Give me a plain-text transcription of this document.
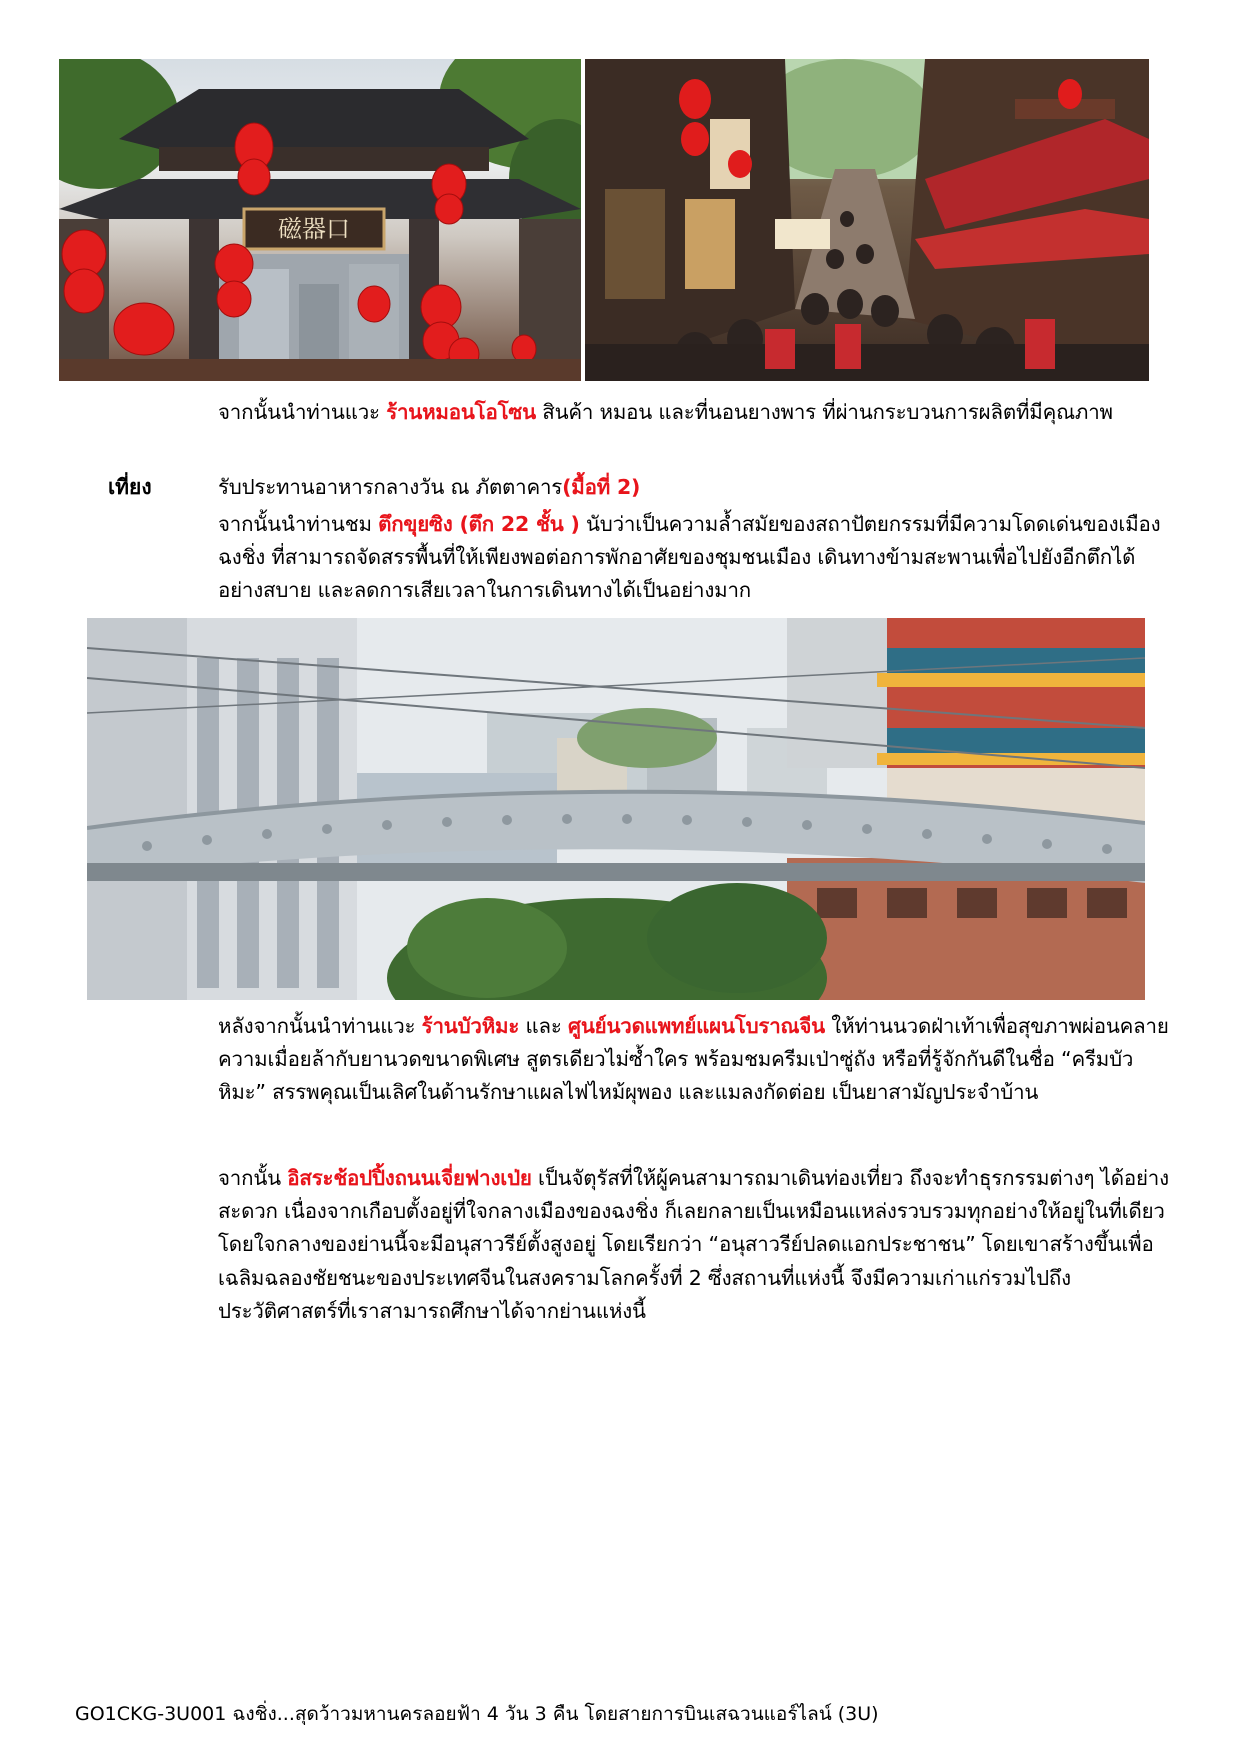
磁器口

จากนั้นนำท่านแวะ ร้านหมอนโอโซน สินค้า หมอน และที่นอนยางพาร ที่ผ่านกระบวนการผลิตที่มีคุณภาพ

เที่ยง	รับประทานอาหารกลางวัน ณ ภัตตาคาร(มื้อที่ 2)

จากนั้นนำท่านชม ตึกขุยซิง (ตึก 22 ชั้น ) นับว่าเป็นความล้ำสมัยของสถาปัตยกรรมที่มีความโดดเด่นของเมืองฉงชิ่ง ที่สามารถจัดสรรพื้นที่ให้เพียงพอต่อการพักอาศัยของชุมชนเมือง เดินทางข้ามสะพานเพื่อไปยังอีกตึกได้อย่างสบาย และลดการเสียเวลาในการเดินทางได้เป็นอย่างมาก

หลังจากนั้นนำท่านแวะ ร้านบัวหิมะ และ ศูนย์นวดแพทย์แผนโบราณจีน ให้ท่านนวดฝ่าเท้าเพื่อสุขภาพผ่อนคลายความเมื่อยล้ากับยานวดขนาดพิเศษ สูตรเดียวไม่ซ้ำใคร พร้อมชมครีมเป่าซู่ถัง หรือที่รู้จักกันดีในชื่อ “ครีมบัวหิมะ” สรรพคุณเป็นเลิศในด้านรักษาแผลไฟไหม้ผุพอง และแมลงกัดต่อย เป็นยาสามัญประจำบ้าน

จากนั้น อิสระช้อปปิ้งถนนเจี่ยฟางเป่ย เป็นจัตุรัสที่ให้ผู้คนสามารถมาเดินท่องเที่ยว ถึงจะทำธุรกรรมต่างๆ ได้อย่างสะดวก เนื่องจากเกือบตั้งอยู่ที่ใจกลางเมืองของฉงชิ่ง ก็เลยกลายเป็นเหมือนแหล่งรวบรวมทุกอย่างให้อยู่ในที่เดียว โดยใจกลางของย่านนี้จะมีอนุสาวรีย์ตั้งสูงอยู่ โดยเรียกว่า “อนุสาวรีย์ปลดแอกประชาชน” โดยเขาสร้างขึ้นเพื่อเฉลิมฉลองชัยชนะของประเทศจีนในสงครามโลกครั้งที่ 2 ซึ่งสถานที่แห่งนี้ จึงมีความเก่าแก่รวมไปถึงประวัติศาสตร์ที่เราสามารถศึกษาได้จากย่านแห่งนี้

GO1CKG-3U001 ฉงชิ่ง...สุดว้าวมหานครลอยฟ้า 4 วัน 3 คืน โดยสายการบินเสฉวนแอร์ไลน์ (3U)
